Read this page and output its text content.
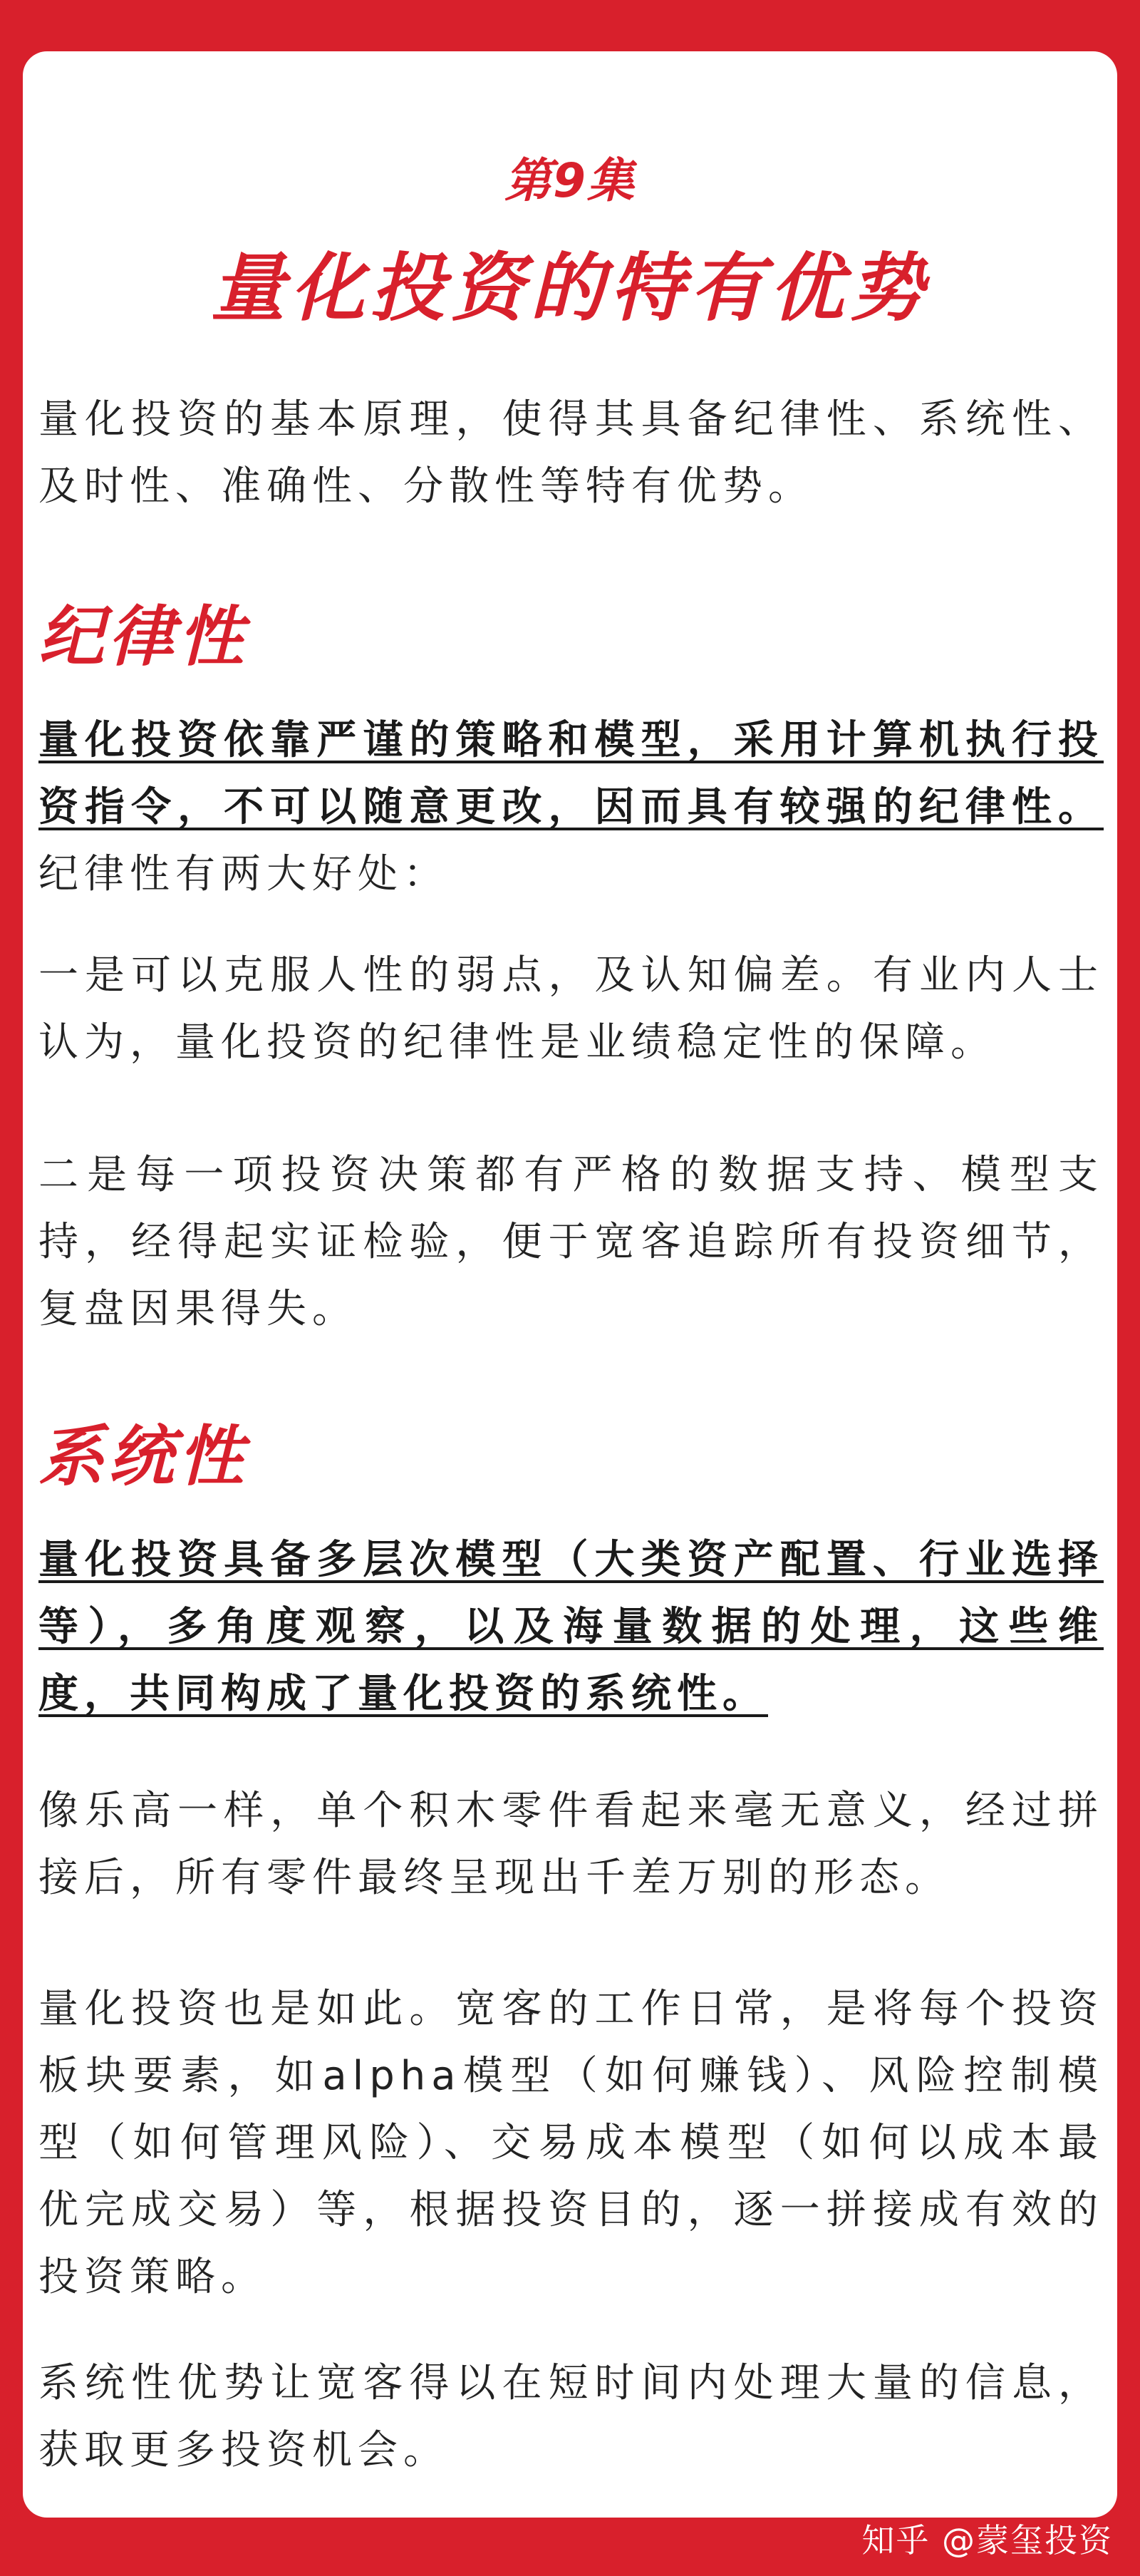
第9集
量化投资的特有优势

量化投资的基本原理，使得其具备纪律性、系统性、及时性、准确性、分散性等特有优势。

纪律性

量化投资依靠严谨的策略和模型，采用计算机执行投资指令，不可以随意更改，因而具有较强的纪律性。纪律性有两大好处：

一是可以克服人性的弱点，及认知偏差。有业内人士认为，量化投资的纪律性是业绩稳定性的保障。

二是每一项投资决策都有严格的数据支持、模型支持，经得起实证检验，便于宽客追踪所有投资细节，复盘因果得失。

系统性

量化投资具备多层次模型（大类资产配置、行业选择等），多角度观察，以及海量数据的处理，这些维度，共同构成了量化投资的系统性。

像乐高一样，单个积木零件看起来毫无意义，经过拼接后，所有零件最终呈现出千差万别的形态。

量化投资也是如此。宽客的工作日常，是将每个投资板块要素，如alpha模型（如何赚钱）、风险控制模型（如何管理风险）、交易成本模型（如何以成本最优完成交易）等，根据投资目的，逐一拼接成有效的投资策略。

系统性优势让宽客得以在短时间内处理大量的信息，获取更多投资机会。

知乎 @蒙玺投资
